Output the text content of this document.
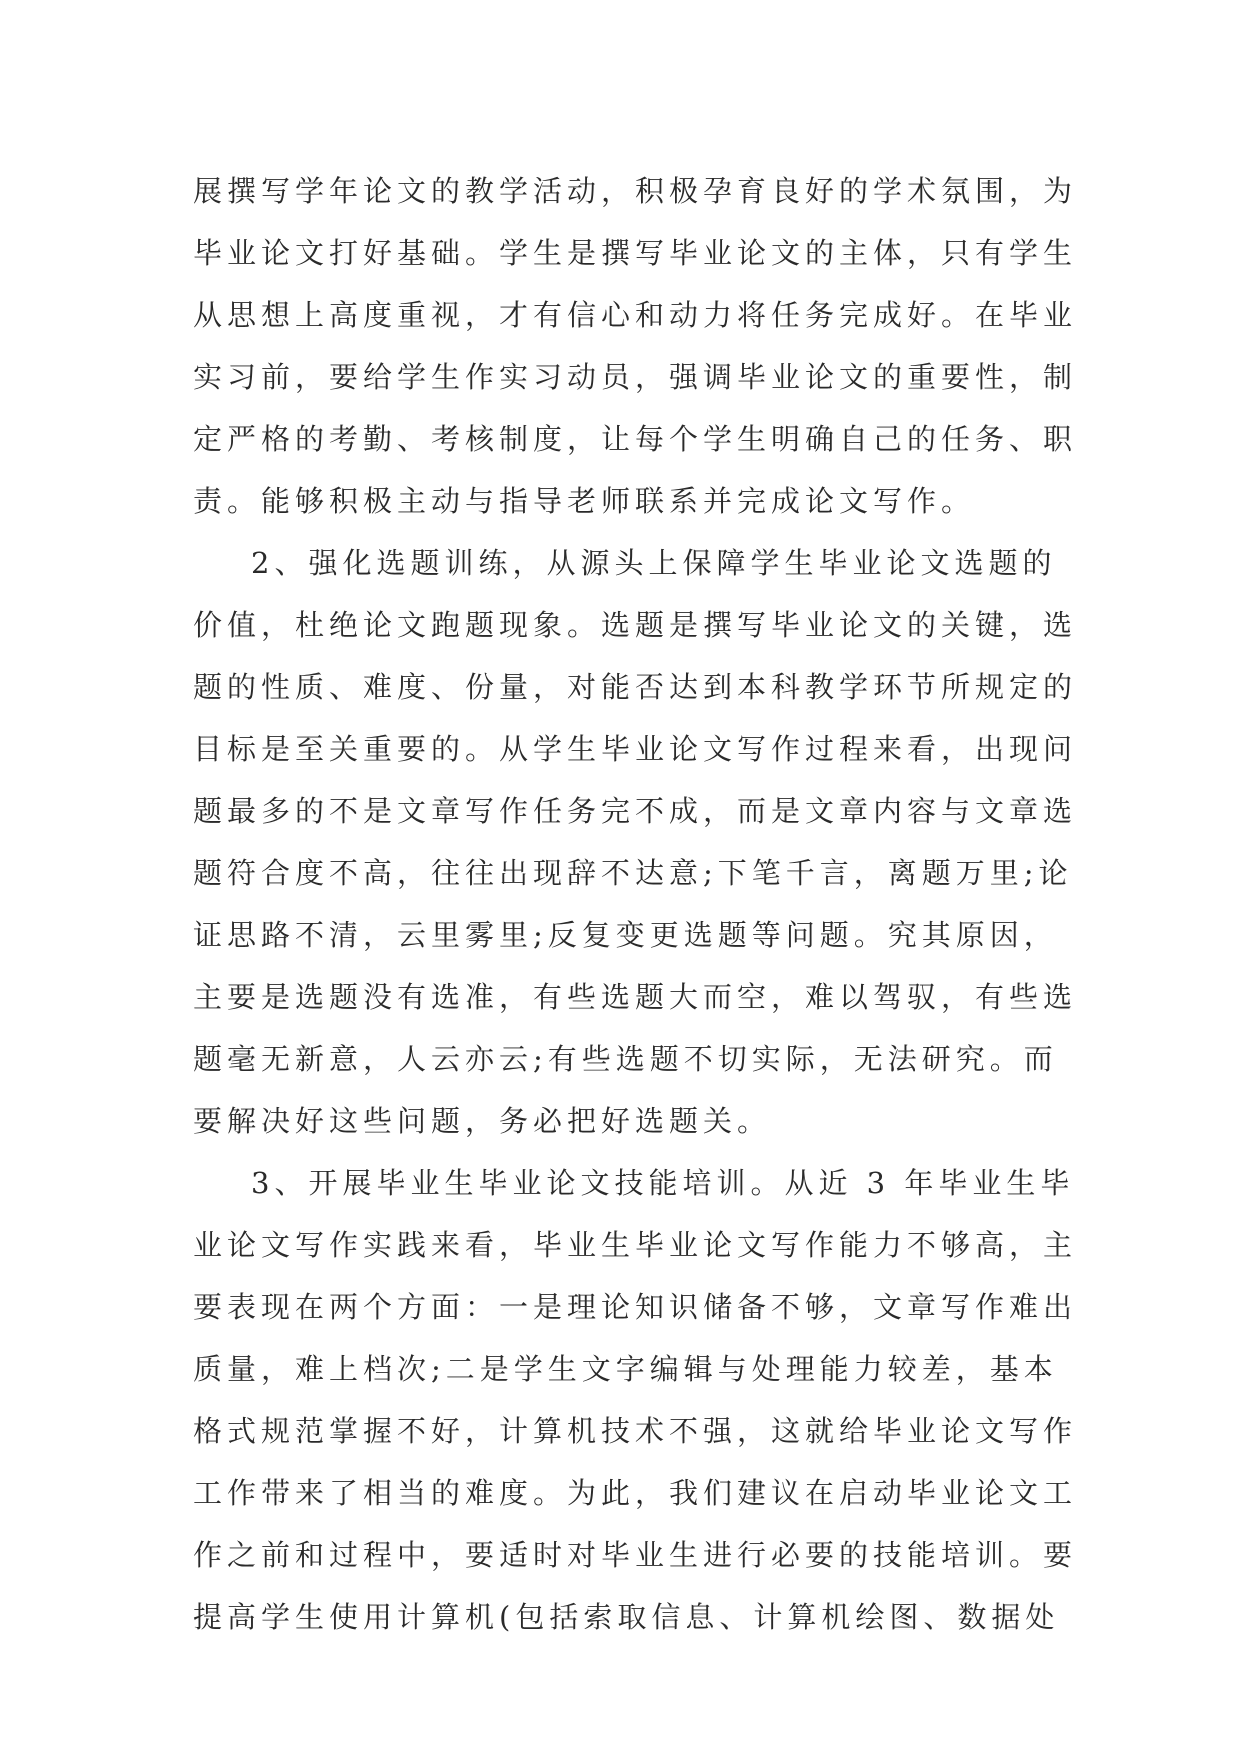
展撰写学年论文的教学活动，积极孕育良好的学术氛围，为
毕业论文打好基础。学生是撰写毕业论文的主体，只有学生
从思想上高度重视，才有信心和动力将任务完成好。在毕业
实习前，要给学生作实习动员，强调毕业论文的重要性，制
定严格的考勤、考核制度，让每个学生明确自己的任务、职
责。能够积极主动与指导老师联系并完成论文写作。
2、强化选题训练，从源头上保障学生毕业论文选题的
价值，杜绝论文跑题现象。选题是撰写毕业论文的关键，选
题的性质、难度、份量，对能否达到本科教学环节所规定的
目标是至关重要的。从学生毕业论文写作过程来看，出现问
题最多的不是文章写作任务完不成，而是文章内容与文章选
题符合度不高，往往出现辞不达意;下笔千言，离题万里;论
证思路不清，云里雾里;反复变更选题等问题。究其原因，
主要是选题没有选准，有些选题大而空，难以驾驭，有些选
题毫无新意，人云亦云;有些选题不切实际，无法研究。而
要解决好这些问题，务必把好选题关。
3、开展毕业生毕业论文技能培训。从近 3 年毕业生毕
业论文写作实践来看，毕业生毕业论文写作能力不够高，主
要表现在两个方面：一是理论知识储备不够，文章写作难出
质量，难上档次;二是学生文字编辑与处理能力较差，基本
格式规范掌握不好，计算机技术不强，这就给毕业论文写作
工作带来了相当的难度。为此，我们建议在启动毕业论文工
作之前和过程中，要适时对毕业生进行必要的技能培训。要
提高学生使用计算机(包括索取信息、计算机绘图、数据处
